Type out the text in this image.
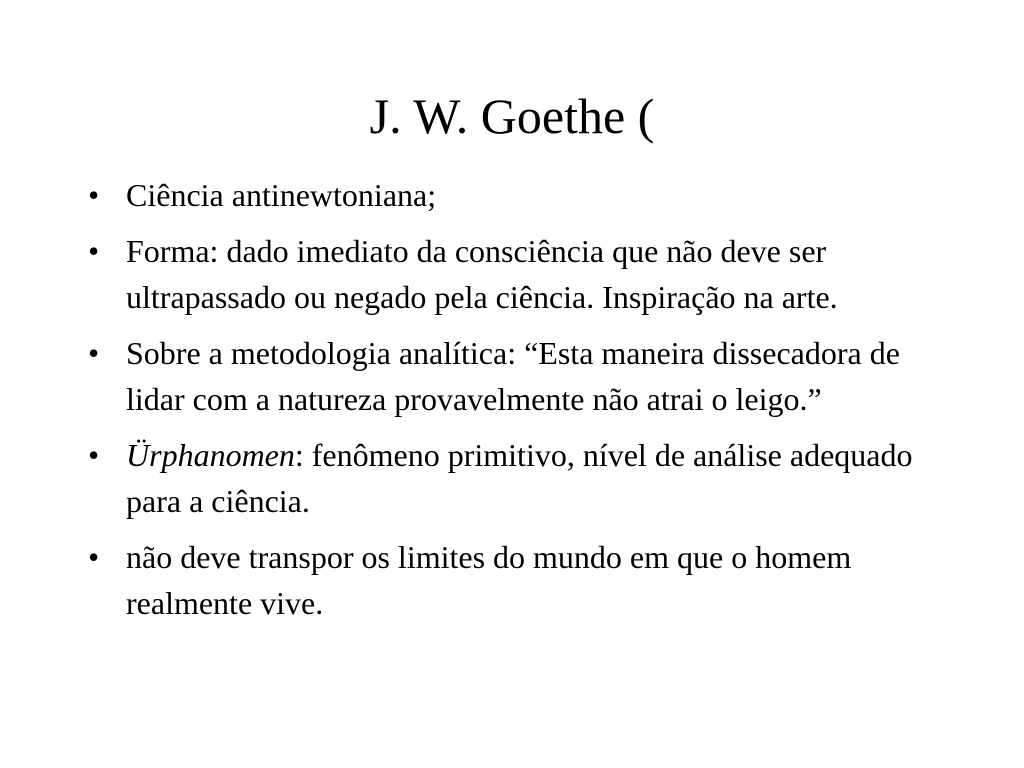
J. W. Goethe (
• Ciência antinewtoniana;
• Forma: dado imediato da consciência que não deve ser ultrapassado ou negado pela ciência. Inspiração na arte.
• Sobre a metodologia analítica: “Esta maneira dissecadora de lidar com a natureza provavelmente não atrai o leigo.”
• Ürphanomen: fenômeno primitivo, nível de análise adequado para a ciência.
• não deve transpor os limites do mundo em que o homem realmente vive.
